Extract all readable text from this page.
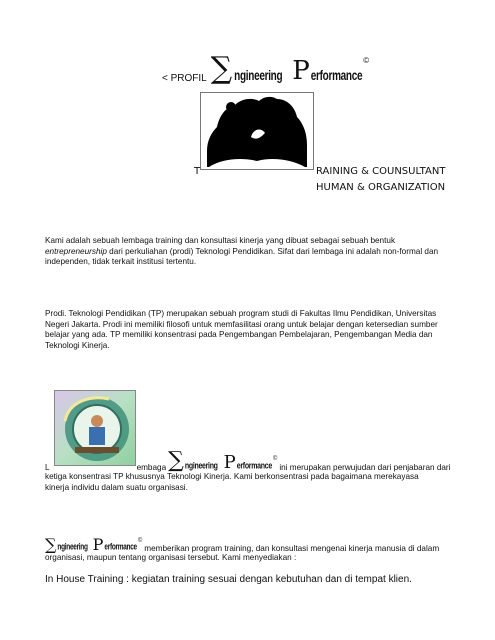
< PROFIL ∑ ngineering P erformance
©
T	RAINING & COUNSULTANT
HUMAN & ORGANIZATION
Kami adalah sebuah lembaga training dan konsultasi kinerja yang dibuat sebagai sebuah bentuk entrepreneurship dari perkuliahan (prodi) Teknologi Pendidikan. Sifat dari lembaga ini adalah non-formal dan independen, tidak terkait institusi tertentu.
Prodi. Teknologi Pendidikan (TP) merupakan sebuah program studi di Fakultas Ilmu Pendidikan, Universitas Negeri Jakarta. Prodi ini memiliki filosofi untuk memfasilitasi orang untuk belajar dengan ketersedian sumber belajar yang ada. TP memiliki konsentrasi pada Pengembangan Pembelajaran, Pengembangan Media dan Teknologi Kinerja.
L	embaga ∑ ngineering P erformance
©
ini merupakan perwujudan dari penjabaran dari
ketiga konsentrasi TP khususnya Teknologi Kinerja. Kami berkonsentrasi pada bagaimana merekayasa kinerja individu dalam suatu organisasi.
∑ ngineering P erformance
©
memberikan program training, dan konsultasi mengenai kinerja manusia di dalam
organisasi, maupun tentang organisasi tersebut. Kami menyediakan :
In House Training : kegiatan training sesuai dengan kebutuhan dan di tempat klien.
